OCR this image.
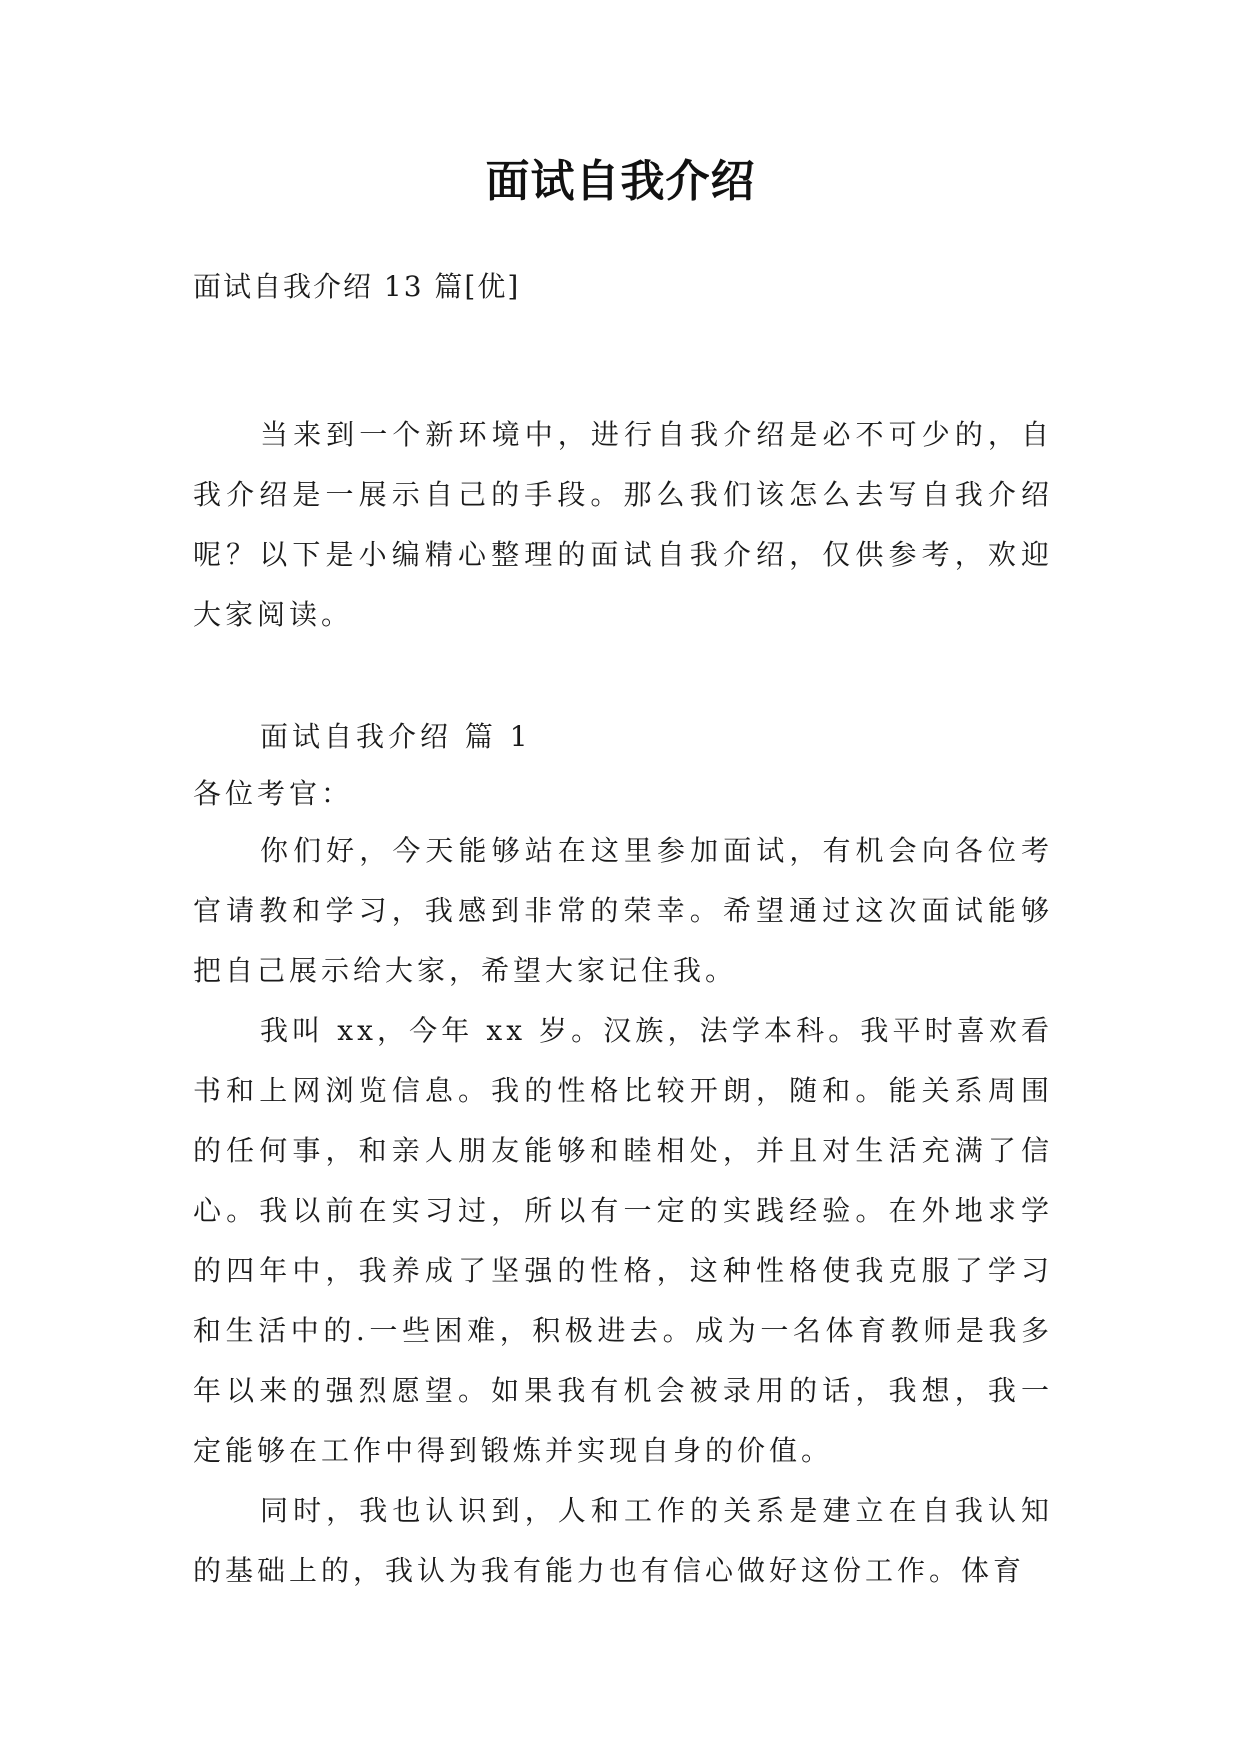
面试自我介绍
面试自我介绍 13 篇[优]

当来到一个新环境中，进行自我介绍是必不可少的，自我介绍是一展示自己的手段。那么我们该怎么去写自我介绍呢？以下是小编精心整理的面试自我介绍，仅供参考，欢迎大家阅读。

面试自我介绍 篇 1

各位考官：

你们好，今天能够站在这里参加面试，有机会向各位考官请教和学习，我感到非常的荣幸。希望通过这次面试能够把自己展示给大家，希望大家记住我。

我叫 xx，今年 xx 岁。汉族，法学本科。我平时喜欢看书和上网浏览信息。我的性格比较开朗，随和。能关系周围的任何事，和亲人朋友能够和睦相处，并且对生活充满了信心。我以前在实习过，所以有一定的实践经验。在外地求学的四年中，我养成了坚强的性格，这种性格使我克服了学习和生活中的.一些困难，积极进去。成为一名体育教师是我多年以来的强烈愿望。如果我有机会被录用的话，我想，我一定能够在工作中得到锻炼并实现自身的价值。

同时，我也认识到，人和工作的关系是建立在自我认知的基础上的，我认为我有能力也有信心做好这份工作。体育
